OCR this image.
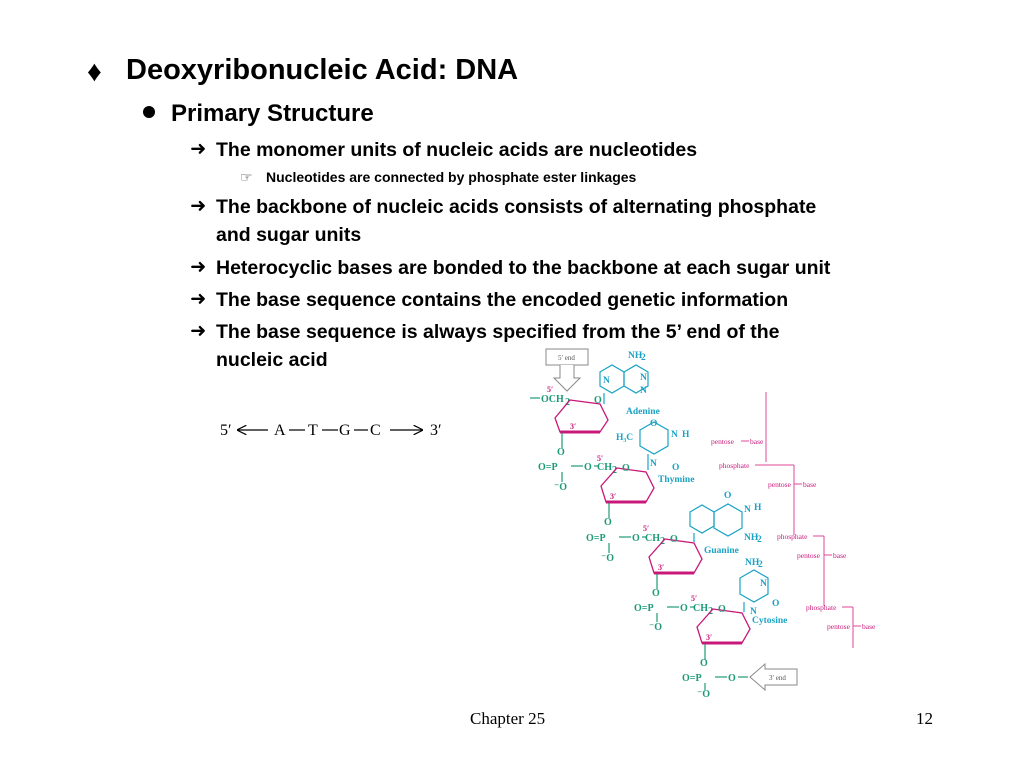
♦ Deoxyribonucleic Acid: DNA
Primary Structure
➜ The monomer units of nucleic acids are nucleotides
☞ Nucleotides are connected by phosphate ester linkages
➜ The backbone of nucleic acids consists of alternating phosphate
and sugar units
➜ Heterocyclic bases are bonded to the backbone at each sugar unit
➜ The base sequence contains the encoded genetic information
➜ The base sequence is always specified from the 5’ end of the
nucleic acid
5′	A T G C	3′
5′ end
OCH 2
5′
O
3′
NH
2
N	N
N
Adenine
O
O=P	O
⁻O
CH 2
5′
O
3′
H₃C
O
N H
O
N
Thymine
O
O=P	O
⁻O
CH 2
5′
O
3′
O
N H
NH
2
Guanine
O
O=P	O
⁻O
CH 2
5′
O
3′
NH
2
N
O
N
Cytosine
O
O=P	O
⁻O
3′ end
pentose base
phosphate
pentose base
phosphate
pentose base
phosphate
pentose base
Chapter 25	12
